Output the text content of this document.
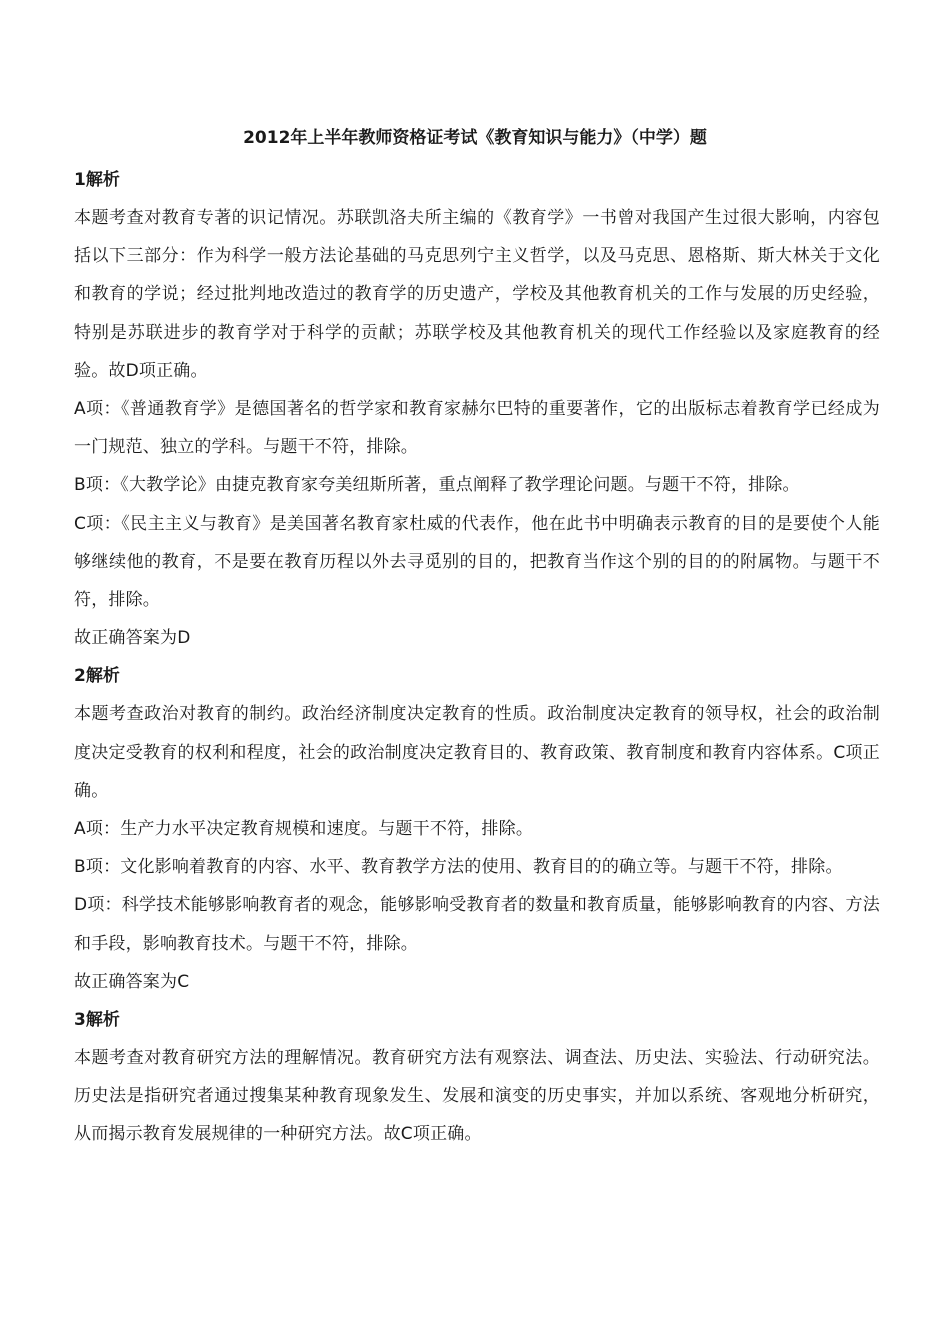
2012年上半年教师资格证考试《教育知识与能力》（中学）题
1解析
本题考查对教育专著的识记情况。苏联凯洛夫所主编的《教育学》一书曾对我国产生过很大影响，内容包括以下三部分：作为科学一般方法论基础的马克思列宁主义哲学，以及马克思、恩格斯、斯大林关于文化和教育的学说；经过批判地改造过的教育学的历史遗产，学校及其他教育机关的工作与发展的历史经验，特别是苏联进步的教育学对于科学的贡献；苏联学校及其他教育机关的现代工作经验以及家庭教育的经验。故D项正确。
A项：《普通教育学》是德国著名的哲学家和教育家赫尔巴特的重要著作，它的出版标志着教育学已经成为一门规范、独立的学科。与题干不符，排除。
B项：《大教学论》由捷克教育家夸美纽斯所著，重点阐释了教学理论问题。与题干不符，排除。
C项：《民主主义与教育》是美国著名教育家杜威的代表作，他在此书中明确表示教育的目的是要使个人能够继续他的教育，不是要在教育历程以外去寻觅别的目的，把教育当作这个别的目的的附属物。与题干不符，排除。
故正确答案为D
2解析
本题考查政治对教育的制约。政治经济制度决定教育的性质。政治制度决定教育的领导权，社会的政治制度决定受教育的权利和程度，社会的政治制度决定教育目的、教育政策、教育制度和教育内容体系。C项正确。
A项：生产力水平决定教育规模和速度。与题干不符，排除。
B项：文化影响着教育的内容、水平、教育教学方法的使用、教育目的的确立等。与题干不符，排除。
D项：科学技术能够影响教育者的观念，能够影响受教育者的数量和教育质量，能够影响教育的内容、方法和手段，影响教育技术。与题干不符，排除。
故正确答案为C
3解析
本题考查对教育研究方法的理解情况。教育研究方法有观察法、调查法、历史法、实验法、行动研究法。历史法是指研究者通过搜集某种教育现象发生、发展和演变的历史事实，并加以系统、客观地分析研究，从而揭示教育发展规律的一种研究方法。故C项正确。
